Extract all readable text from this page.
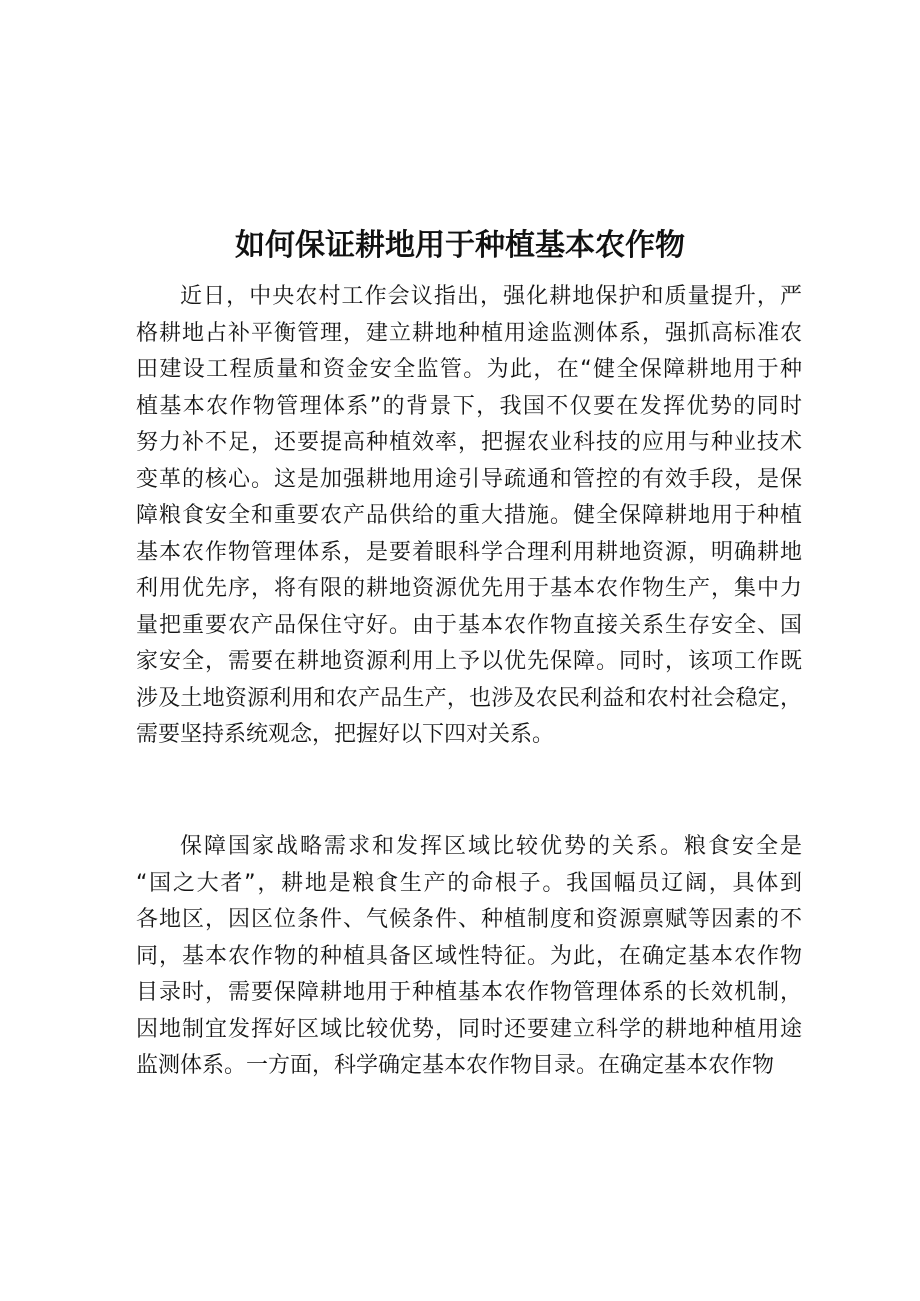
如何保证耕地用于种植基本农作物
近日，中央农村工作会议指出，强化耕地保护和质量提升，严
格耕地占补平衡管理，建立耕地种植用途监测体系，强抓高标准农
田建设工程质量和资金安全监管。为此，在“健全保障耕地用于种
植基本农作物管理体系”的背景下，我国不仅要在发挥优势的同时
努力补不足，还要提高种植效率，把握农业科技的应用与种业技术
变革的核心。这是加强耕地用途引导疏通和管控的有效手段，是保
障粮食安全和重要农产品供给的重大措施。健全保障耕地用于种植
基本农作物管理体系，是要着眼科学合理利用耕地资源，明确耕地
利用优先序，将有限的耕地资源优先用于基本农作物生产，集中力
量把重要农产品保住守好。由于基本农作物直接关系生存安全、国
家安全，需要在耕地资源利用上予以优先保障。同时，该项工作既
涉及土地资源利用和农产品生产，也涉及农民利益和农村社会稳定，
需要坚持系统观念，把握好以下四对关系。
保障国家战略需求和发挥区域比较优势的关系。粮食安全是
“国之大者”，耕地是粮食生产的命根子。我国幅员辽阔，具体到
各地区，因区位条件、气候条件、种植制度和资源禀赋等因素的不
同，基本农作物的种植具备区域性特征。为此，在确定基本农作物
目录时，需要保障耕地用于种植基本农作物管理体系的长效机制，
因地制宜发挥好区域比较优势，同时还要建立科学的耕地种植用途
监测体系。一方面，科学确定基本农作物目录。在确定基本农作物
